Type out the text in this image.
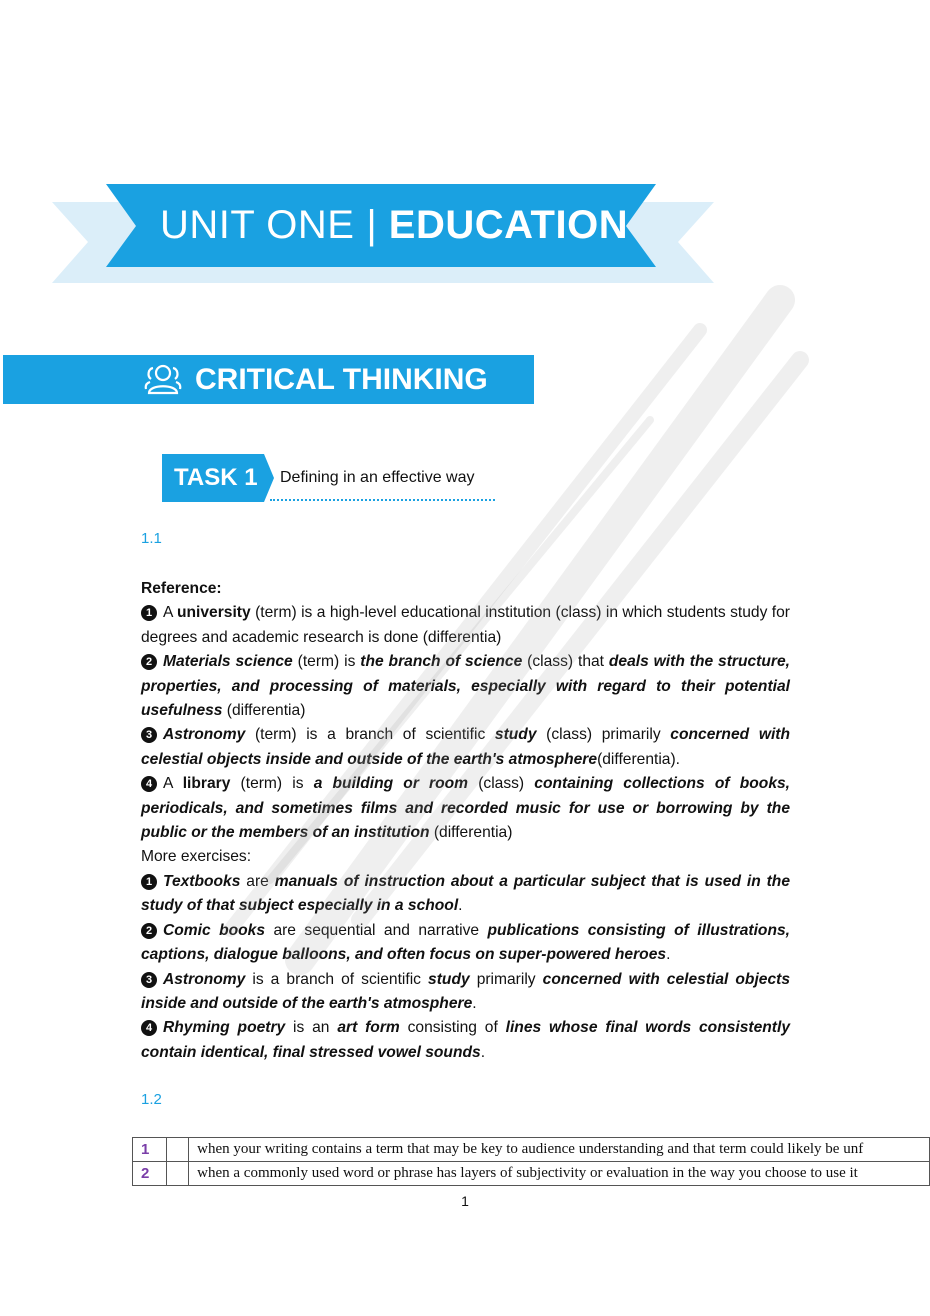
UNIT ONE | EDUCATION
CRITICAL THINKING
TASK 1 Defining in an effective way
1.1

Reference:

1 A university (term) is a high-level educational institution (class) in which students study for degrees and academic research is done (differentia)

2 Materials science (term) is the branch of science (class) that deals with the structure, properties, and processing of materials, especially with regard to their potential usefulness (differentia)

3 Astronomy (term) is a branch of scientific study (class) primarily concerned with celestial objects inside and outside of the earth's atmosphere(differentia).

4 A library (term) is a building or room (class) containing collections of books, periodicals, and sometimes films and recorded music for use or borrowing by the public or the members of an institution (differentia)

More exercises:

1 Textbooks are manuals of instruction about a particular subject that is used in the study of that subject especially in a school.

2 Comic books are sequential and narrative publications consisting of illustrations, captions, dialogue balloons, and often focus on super-powered heroes.

3 Astronomy is a branch of scientific study primarily concerned with celestial objects inside and outside of the earth's atmosphere.

4 Rhyming poetry is an art form consisting of lines whose final words consistently contain identical, final stressed vowel sounds.

1.2
1		when your writing contains a term that may be key to audience understanding and that term could likely be unf
2		when a commonly used word or phrase has layers of subjectivity or evaluation in the way you choose to use it
1
